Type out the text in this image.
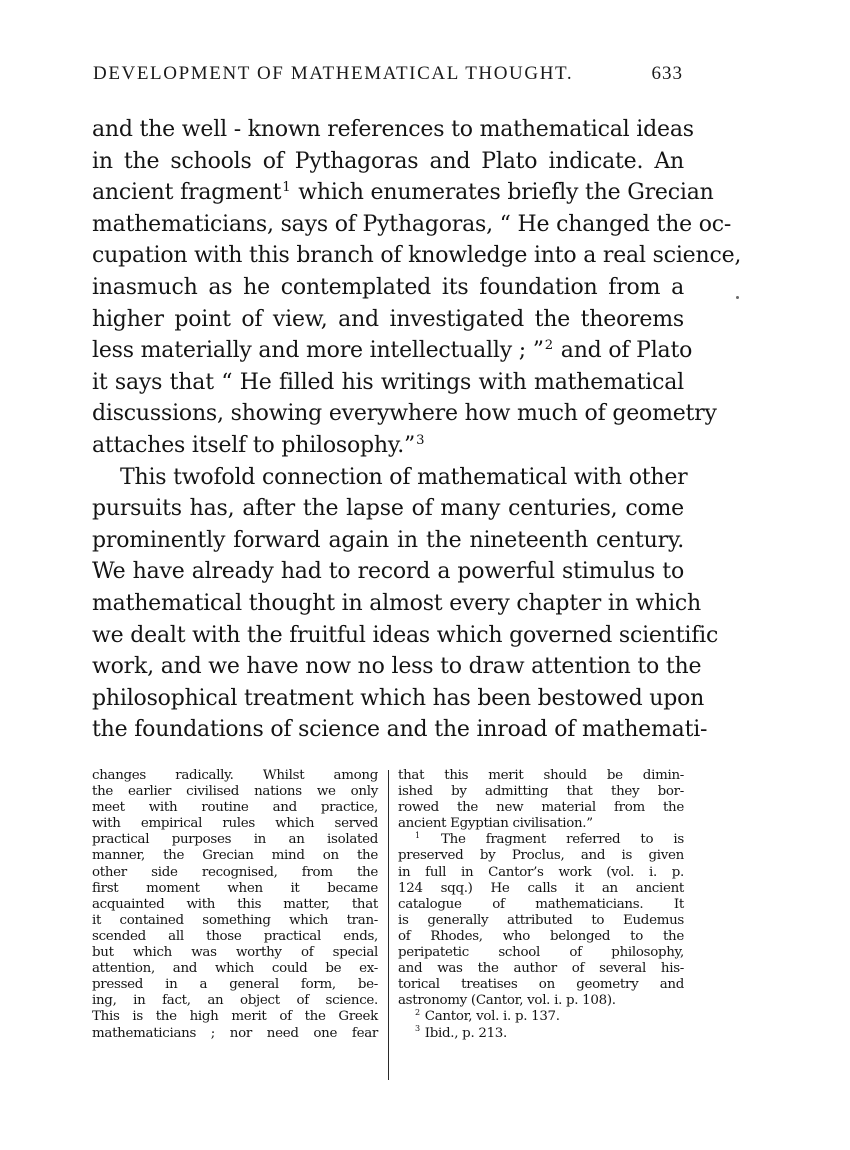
DEVELOPMENT OF MATHEMATICAL THOUGHT.	633
and the well - known references to mathematical ideas
in the schools of Pythagoras and Plato indicate. An
ancient fragment$^1$ which enumerates briefly the Grecian
mathematicians, says of Pythagoras, “ He changed the oc-
cupation with this branch of knowledge into a real science,
inasmuch as he contemplated its foundation from a
higher point of view, and investigated the theorems
less materially and more intellectually ; ”$^2$ and of Plato
it says that “ He filled his writings with mathematical
discussions, showing everywhere how much of geometry
attaches itself to philosophy.”$^3$
This twofold connection of mathematical with other
pursuits has, after the lapse of many centuries, come
prominently forward again in the nineteenth century.
We have already had to record a powerful stimulus to
mathematical thought in almost every chapter in which
we dealt with the fruitful ideas which governed scientific
work, and we have now no less to draw attention to the
philosophical treatment which has been bestowed upon
the foundations of science and the inroad of mathemati-
changes radically. Whilst among
the earlier civilised nations we only
meet with routine and practice,
with empirical rules which served
practical purposes in an isolated
manner, the Grecian mind on the
other side recognised, from the
first moment when it became
acquainted with this matter, that
it contained something which tran-
scended all those practical ends,
but which was worthy of special
attention, and which could be ex-
pressed in a general form, be-
ing, in fact, an object of science.
This is the high merit of the Greek
mathematicians ; nor need one fear
that this merit should be dimin-
ished by admitting that they bor-
rowed the new material from the
ancient Egyptian civilisation.”
$^1$ The fragment referred to is
preserved by Proclus, and is given
in full in Cantor’s work (vol. i. p.
124 sqq.) He calls it an ancient
catalogue of mathematicians. It
is generally attributed to Eudemus
of Rhodes, who belonged to the
peripatetic school of philosophy,
and was the author of several his-
torical treatises on geometry and
astronomy (Cantor, vol. i. p. 108).
$^2$ Cantor, vol. i. p. 137.
$^3$ Ibid., p. 213.
